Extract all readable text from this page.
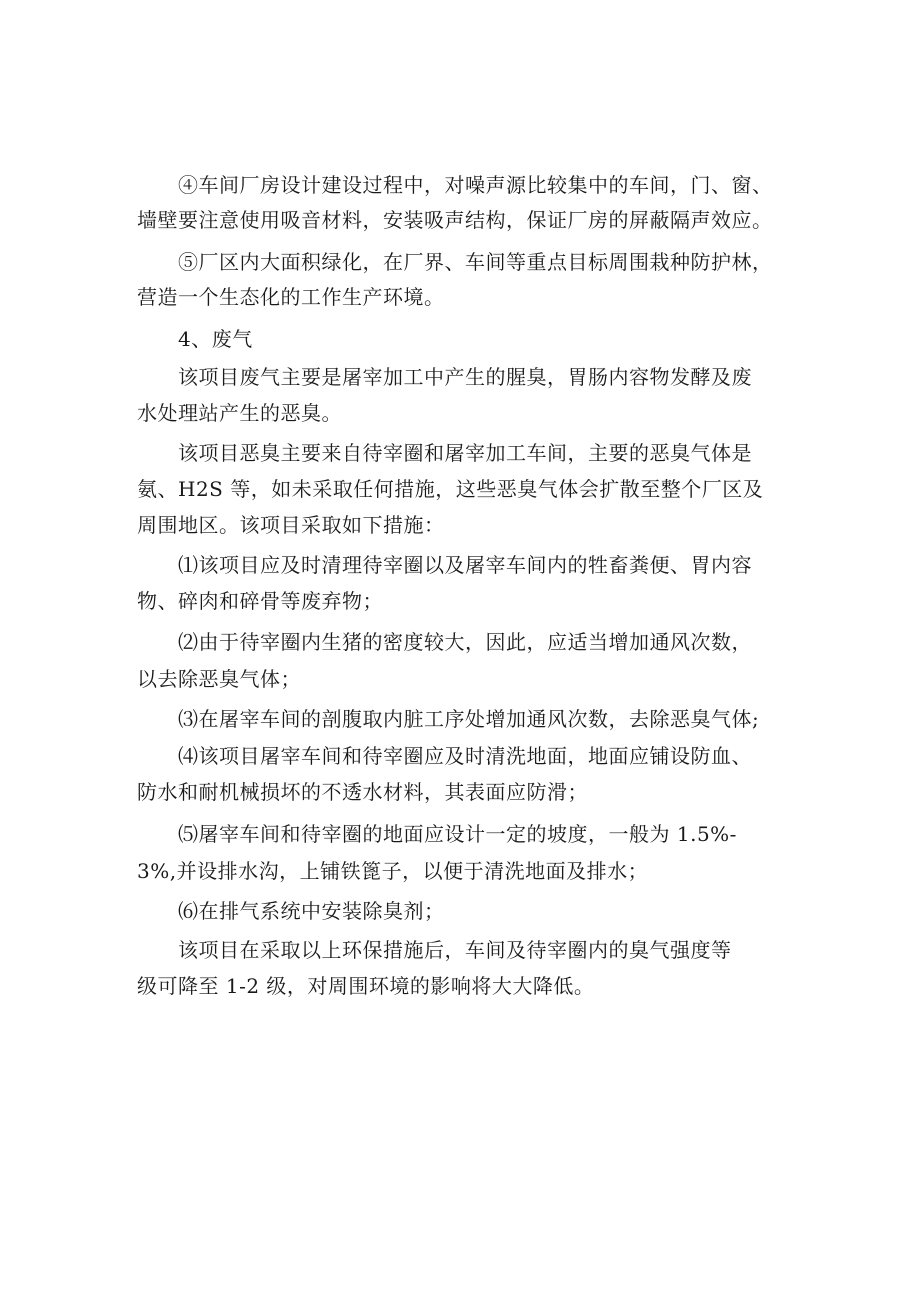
④车间厂房设计建设过程中，对噪声源比较集中的车间，门、窗、
墙壁要注意使用吸音材料，安装吸声结构，保证厂房的屏蔽隔声效应。
⑤厂区内大面积绿化，在厂界、车间等重点目标周围栽种防护林，
营造一个生态化的工作生产环境。
4、废气
该项目废气主要是屠宰加工中产生的腥臭，胃肠内容物发酵及废
水处理站产生的恶臭。
该项目恶臭主要来自待宰圈和屠宰加工车间，主要的恶臭气体是
氨、H2S 等，如未采取任何措施，这些恶臭气体会扩散至整个厂区及
周围地区。该项目采取如下措施：
⑴该项目应及时清理待宰圈以及屠宰车间内的牲畜粪便、胃内容
物、碎肉和碎骨等废弃物；
⑵由于待宰圈内生猪的密度较大，因此，应适当增加通风次数，
以去除恶臭气体；
⑶在屠宰车间的剖腹取内脏工序处增加通风次数，去除恶臭气体;
⑷该项目屠宰车间和待宰圈应及时清洗地面，地面应铺设防血、
防水和耐机械损坏的不透水材料，其表面应防滑；
⑸屠宰车间和待宰圈的地面应设计一定的坡度，一般为 1.5%-
3%,并设排水沟，上铺铁篦子，以便于清洗地面及排水；
⑹在排气系统中安装除臭剂；
该项目在采取以上环保措施后，车间及待宰圈内的臭气强度等
级可降至 1-2 级，对周围环境的影响将大大降低。
